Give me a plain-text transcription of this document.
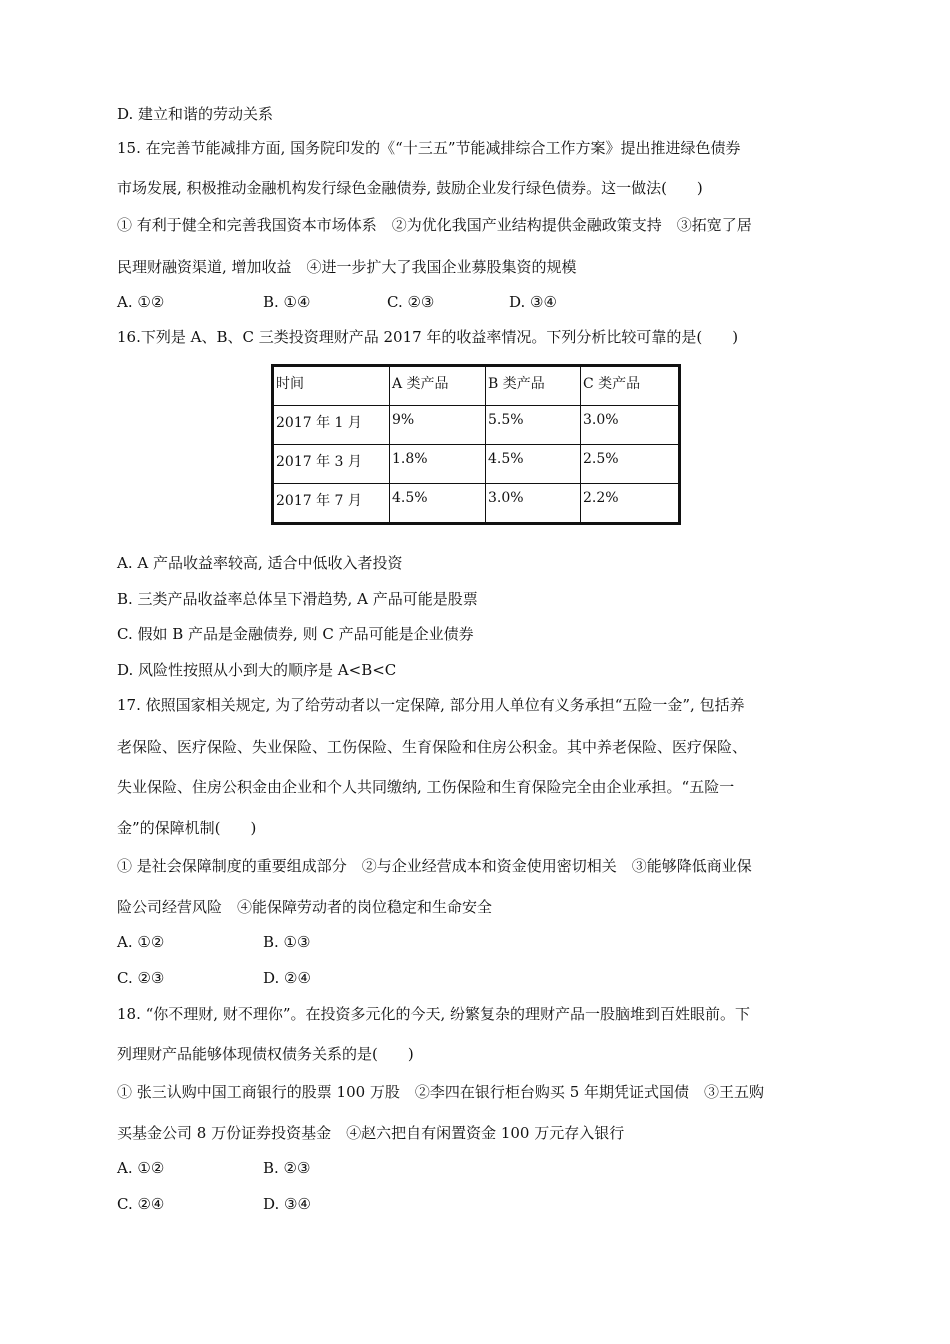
D. 建立和谐的劳动关系
15. 在完善节能减排方面, 国务院印发的《“十三五”节能减排综合工作方案》提出推进绿色债券
市场发展, 积极推动金融机构发行绿色金融债券, 鼓励企业发行绿色债券。这一做法(　　)
① 有利于健全和完善我国资本市场体系　②为优化我国产业结构提供金融政策支持　③拓宽了居
民理财融资渠道, 增加收益　④进一步扩大了我国企业募股集资的规模
A. ①②	B. ①④	C. ②③	D. ③④
16.下列是 A、B、C 三类投资理财产品 2017 年的收益率情况。下列分析比较可靠的是(　　)
时间	A 类产品	B 类产品	C 类产品
2017 年 1 月	9%	5.5%	3.0%
2017 年 3 月	1.8%	4.5%	2.5%
2017 年 7 月	4.5%	3.0%	2.2%
A. A 产品收益率较高, 适合中低收入者投资
B. 三类产品收益率总体呈下滑趋势, A 产品可能是股票
C. 假如 B 产品是金融债券, 则 C 产品可能是企业债券
D. 风险性按照从小到大的顺序是 A<B<C
17. 依照国家相关规定, 为了给劳动者以一定保障, 部分用人单位有义务承担“五险一金”, 包括养
老保险、医疗保险、失业保险、工伤保险、生育保险和住房公积金。其中养老保险、医疗保险、
失业保险、住房公积金由企业和个人共同缴纳, 工伤保险和生育保险完全由企业承担。“五险一
金”的保障机制(　　)
① 是社会保障制度的重要组成部分　②与企业经营成本和资金使用密切相关　③能够降低商业保
险公司经营风险　④能保障劳动者的岗位稳定和生命安全
A. ①②	B. ①③
C. ②③	D. ②④
18. “你不理财, 财不理你”。在投资多元化的今天, 纷繁复杂的理财产品一股脑堆到百姓眼前。下
列理财产品能够体现债权债务关系的是(　　)
① 张三认购中国工商银行的股票 100 万股　②李四在银行柜台购买 5 年期凭证式国债　③王五购
买基金公司 8 万份证券投资基金　④赵六把自有闲置资金 100 万元存入银行
A. ①②	B. ②③
C. ②④	D. ③④
